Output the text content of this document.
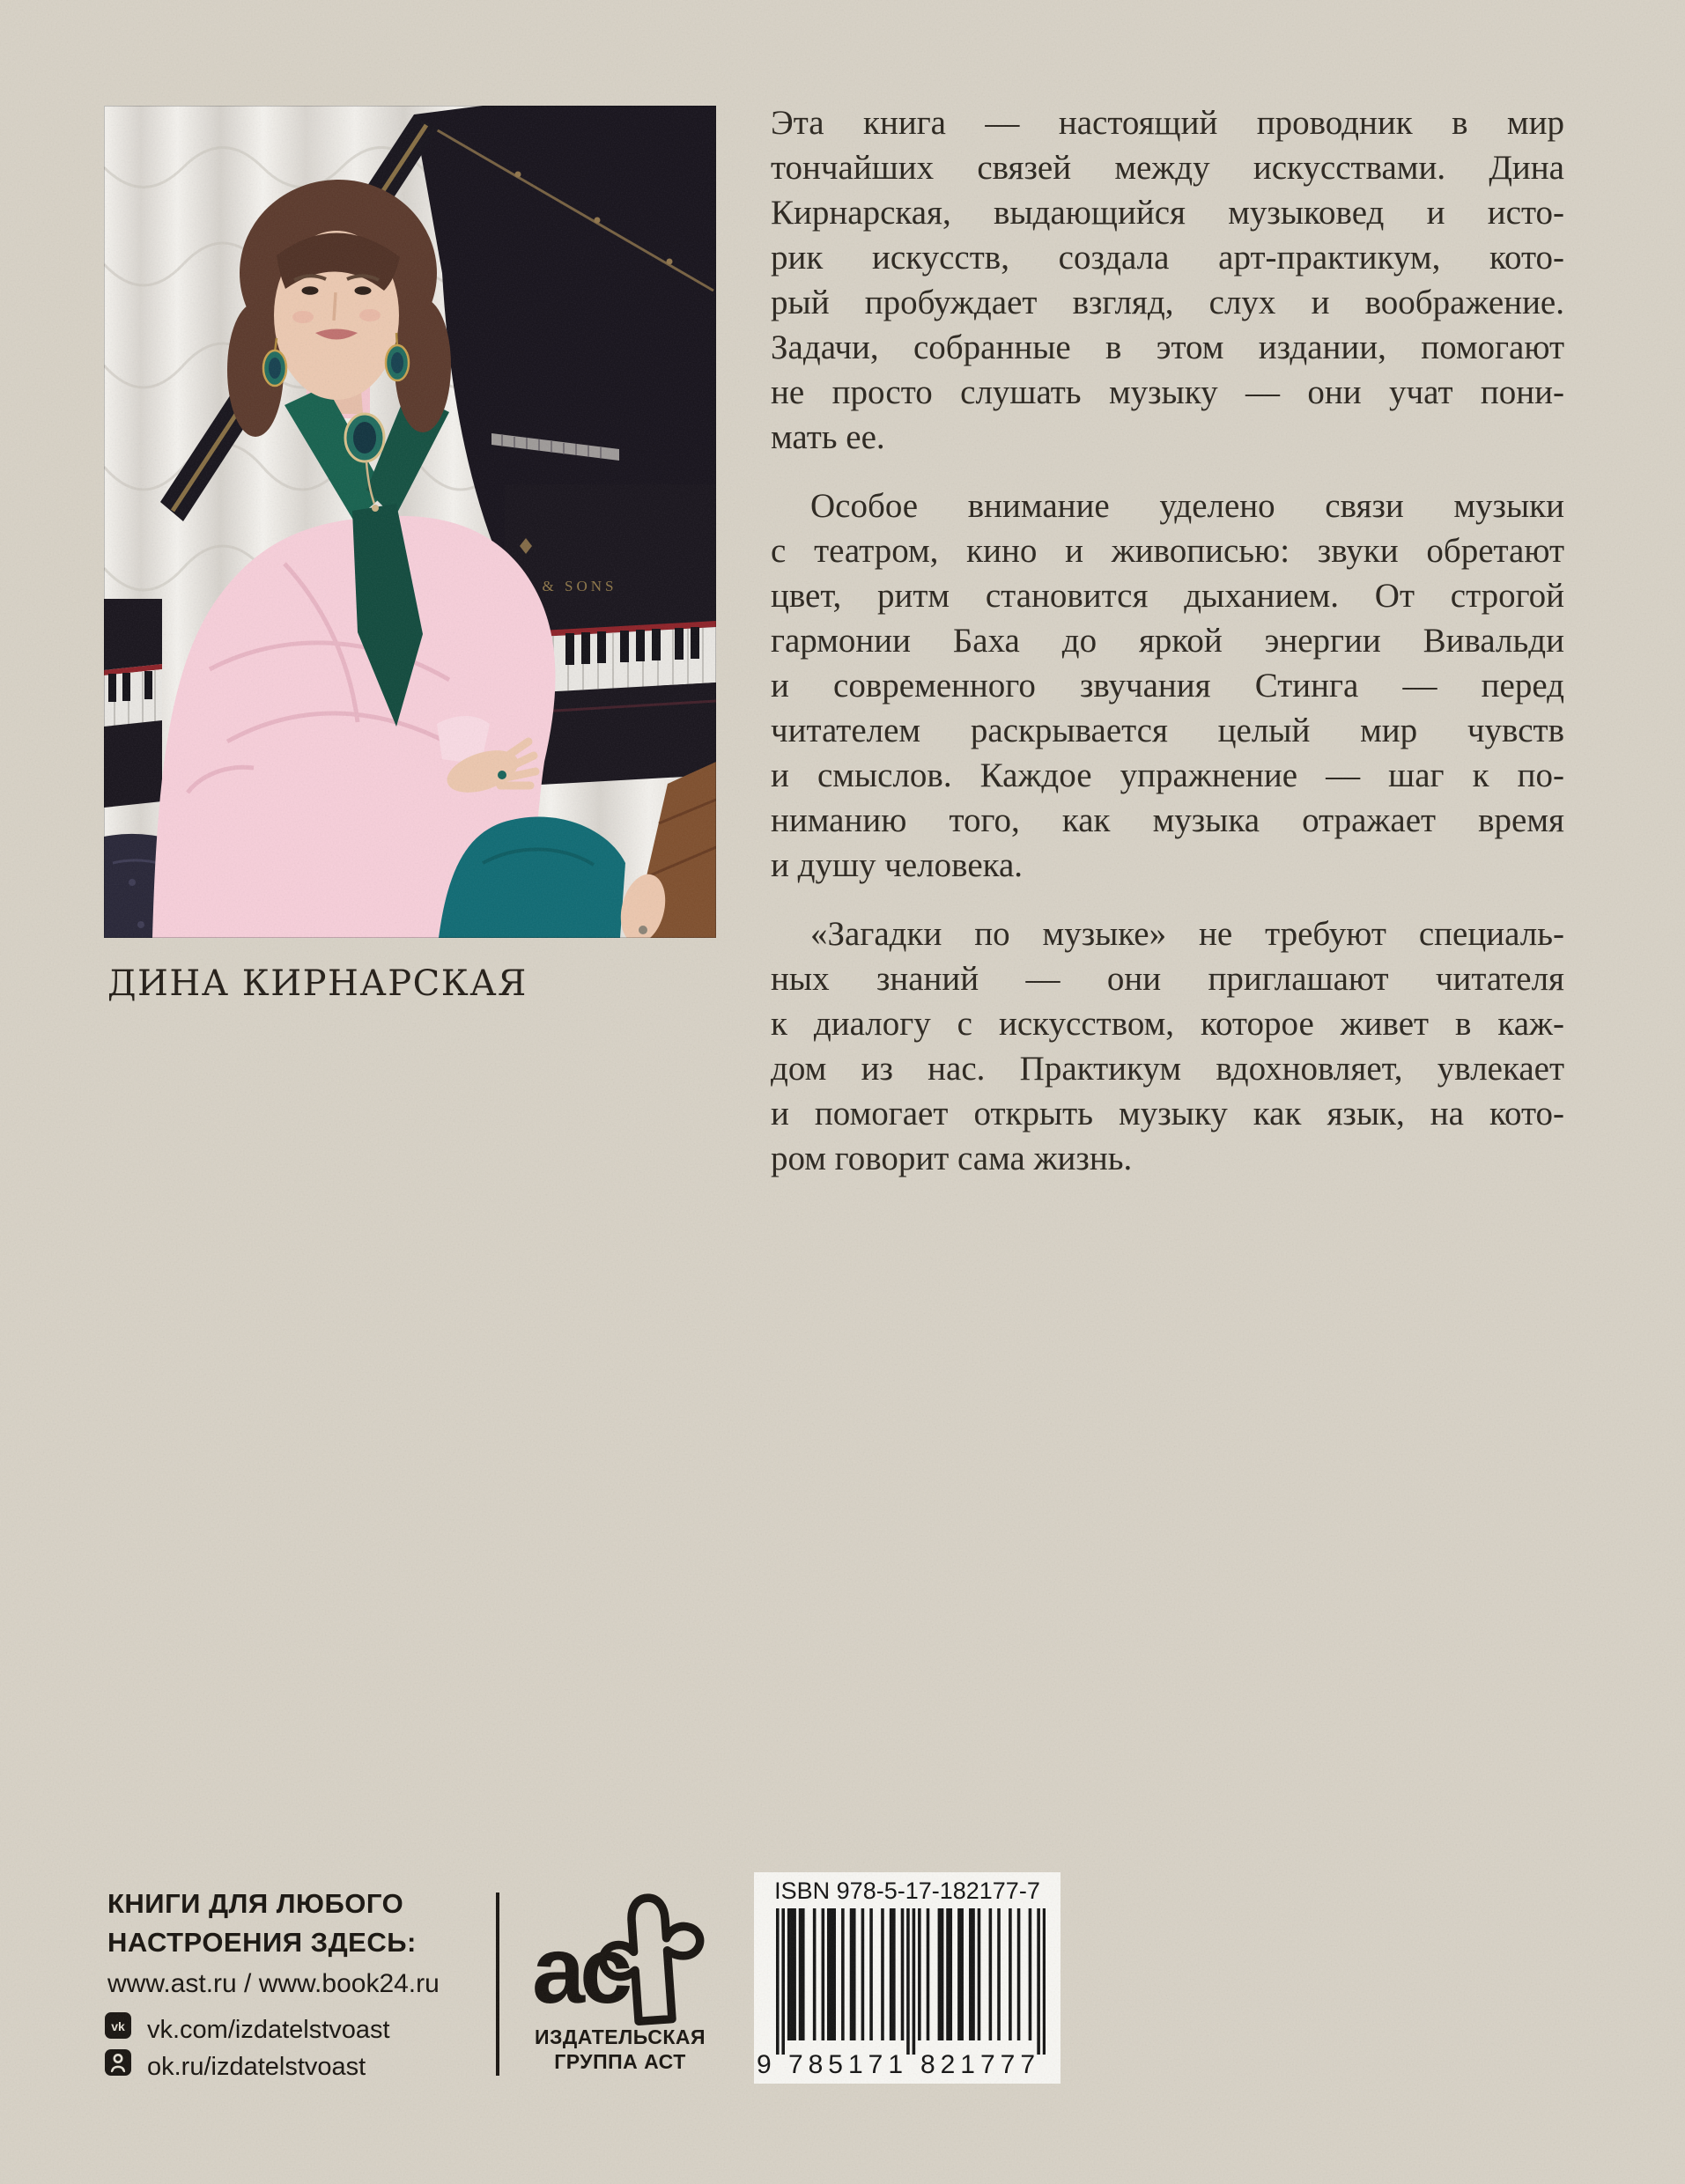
& SONS
ДИНА КИРНАРСКАЯ
Эта книга — настоящий проводник в мир
тончайших связей между искусствами. Дина
Кирнарская, выдающийся музыковед и исто-
рик искусств, создала арт-практикум, кото-
рый пробуждает взгляд, слух и воображение.
Задачи, собранные в этом издании, помогают
не просто слушать музыку — они учат пони-
мать ее.
Особое внимание уделено связи музыки
с театром, кино и живописью: звуки обретают
цвет, ритм становится дыханием. От строгой
гармонии Баха до яркой энергии Вивальди
и современного звучания Стинга — перед
читателем раскрывается целый мир чувств
и смыслов. Каждое упражнение — шаг к по-
ниманию того, как музыка отражает время
и душу человека.
«Загадки по музыке» не требуют специаль-
ных знаний — они приглашают читателя
к диалогу с искусством, которое живет в каж-
дом из нас. Практикум вдохновляет, увлекает
и помогает открыть музыку как язык, на кото-
ром говорит сама жизнь.
КНИГИ ДЛЯ ЛЮБОГО
НАСТРОЕНИЯ ЗДЕСЬ:
www.ast.ru / www.book24.ru
vk vk.com/izdatelstvoast
ok.ru/izdatelstvoast
ас
ИЗДАТЕЛЬСКАЯ
ГРУППА АСТ
ISBN 978-5-17-182177-7
9 785171 821777
